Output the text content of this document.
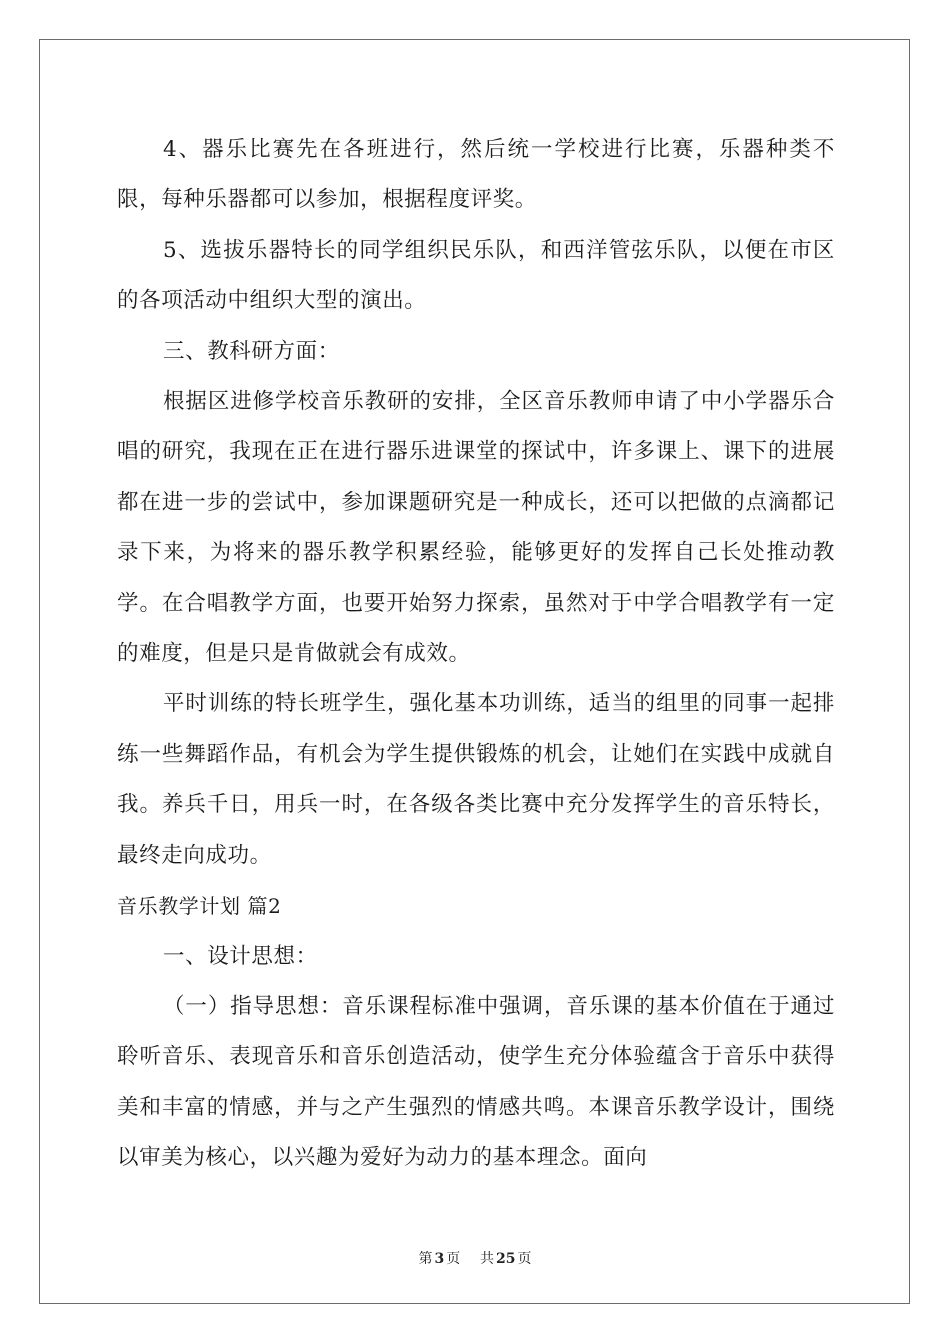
4、器乐比赛先在各班进行，然后统一学校进行比赛，乐器种类不限，每种乐器都可以参加，根据程度评奖。

5、选拔乐器特长的同学组织民乐队，和西洋管弦乐队，以便在市区的各项活动中组织大型的演出。

三、教科研方面：

根据区进修学校音乐教研的安排，全区音乐教师申请了中小学器乐合唱的研究，我现在正在进行器乐进课堂的探试中，许多课上、课下的进展都在进一步的尝试中，参加课题研究是一种成长，还可以把做的点滴都记录下来，为将来的器乐教学积累经验，能够更好的发挥自己长处推动教学。在合唱教学方面，也要开始努力探索，虽然对于中学合唱教学有一定的难度，但是只是肯做就会有成效。

平时训练的特长班学生，强化基本功训练，适当的组里的同事一起排练一些舞蹈作品，有机会为学生提供锻炼的机会，让她们在实践中成就自我。养兵千日，用兵一时，在各级各类比赛中充分发挥学生的音乐特长，最终走向成功。

音乐教学计划 篇2

一、设计思想：

（一）指导思想：音乐课程标准中强调，音乐课的基本价值在于通过聆听音乐、表现音乐和音乐创造活动，使学生充分体验蕴含于音乐中获得美和丰富的情感，并与之产生强烈的情感共鸣。本课音乐教学设计，围绕以审美为核心，以兴趣为爱好为动力的基本理念。面向

第 3 页 共 25 页
